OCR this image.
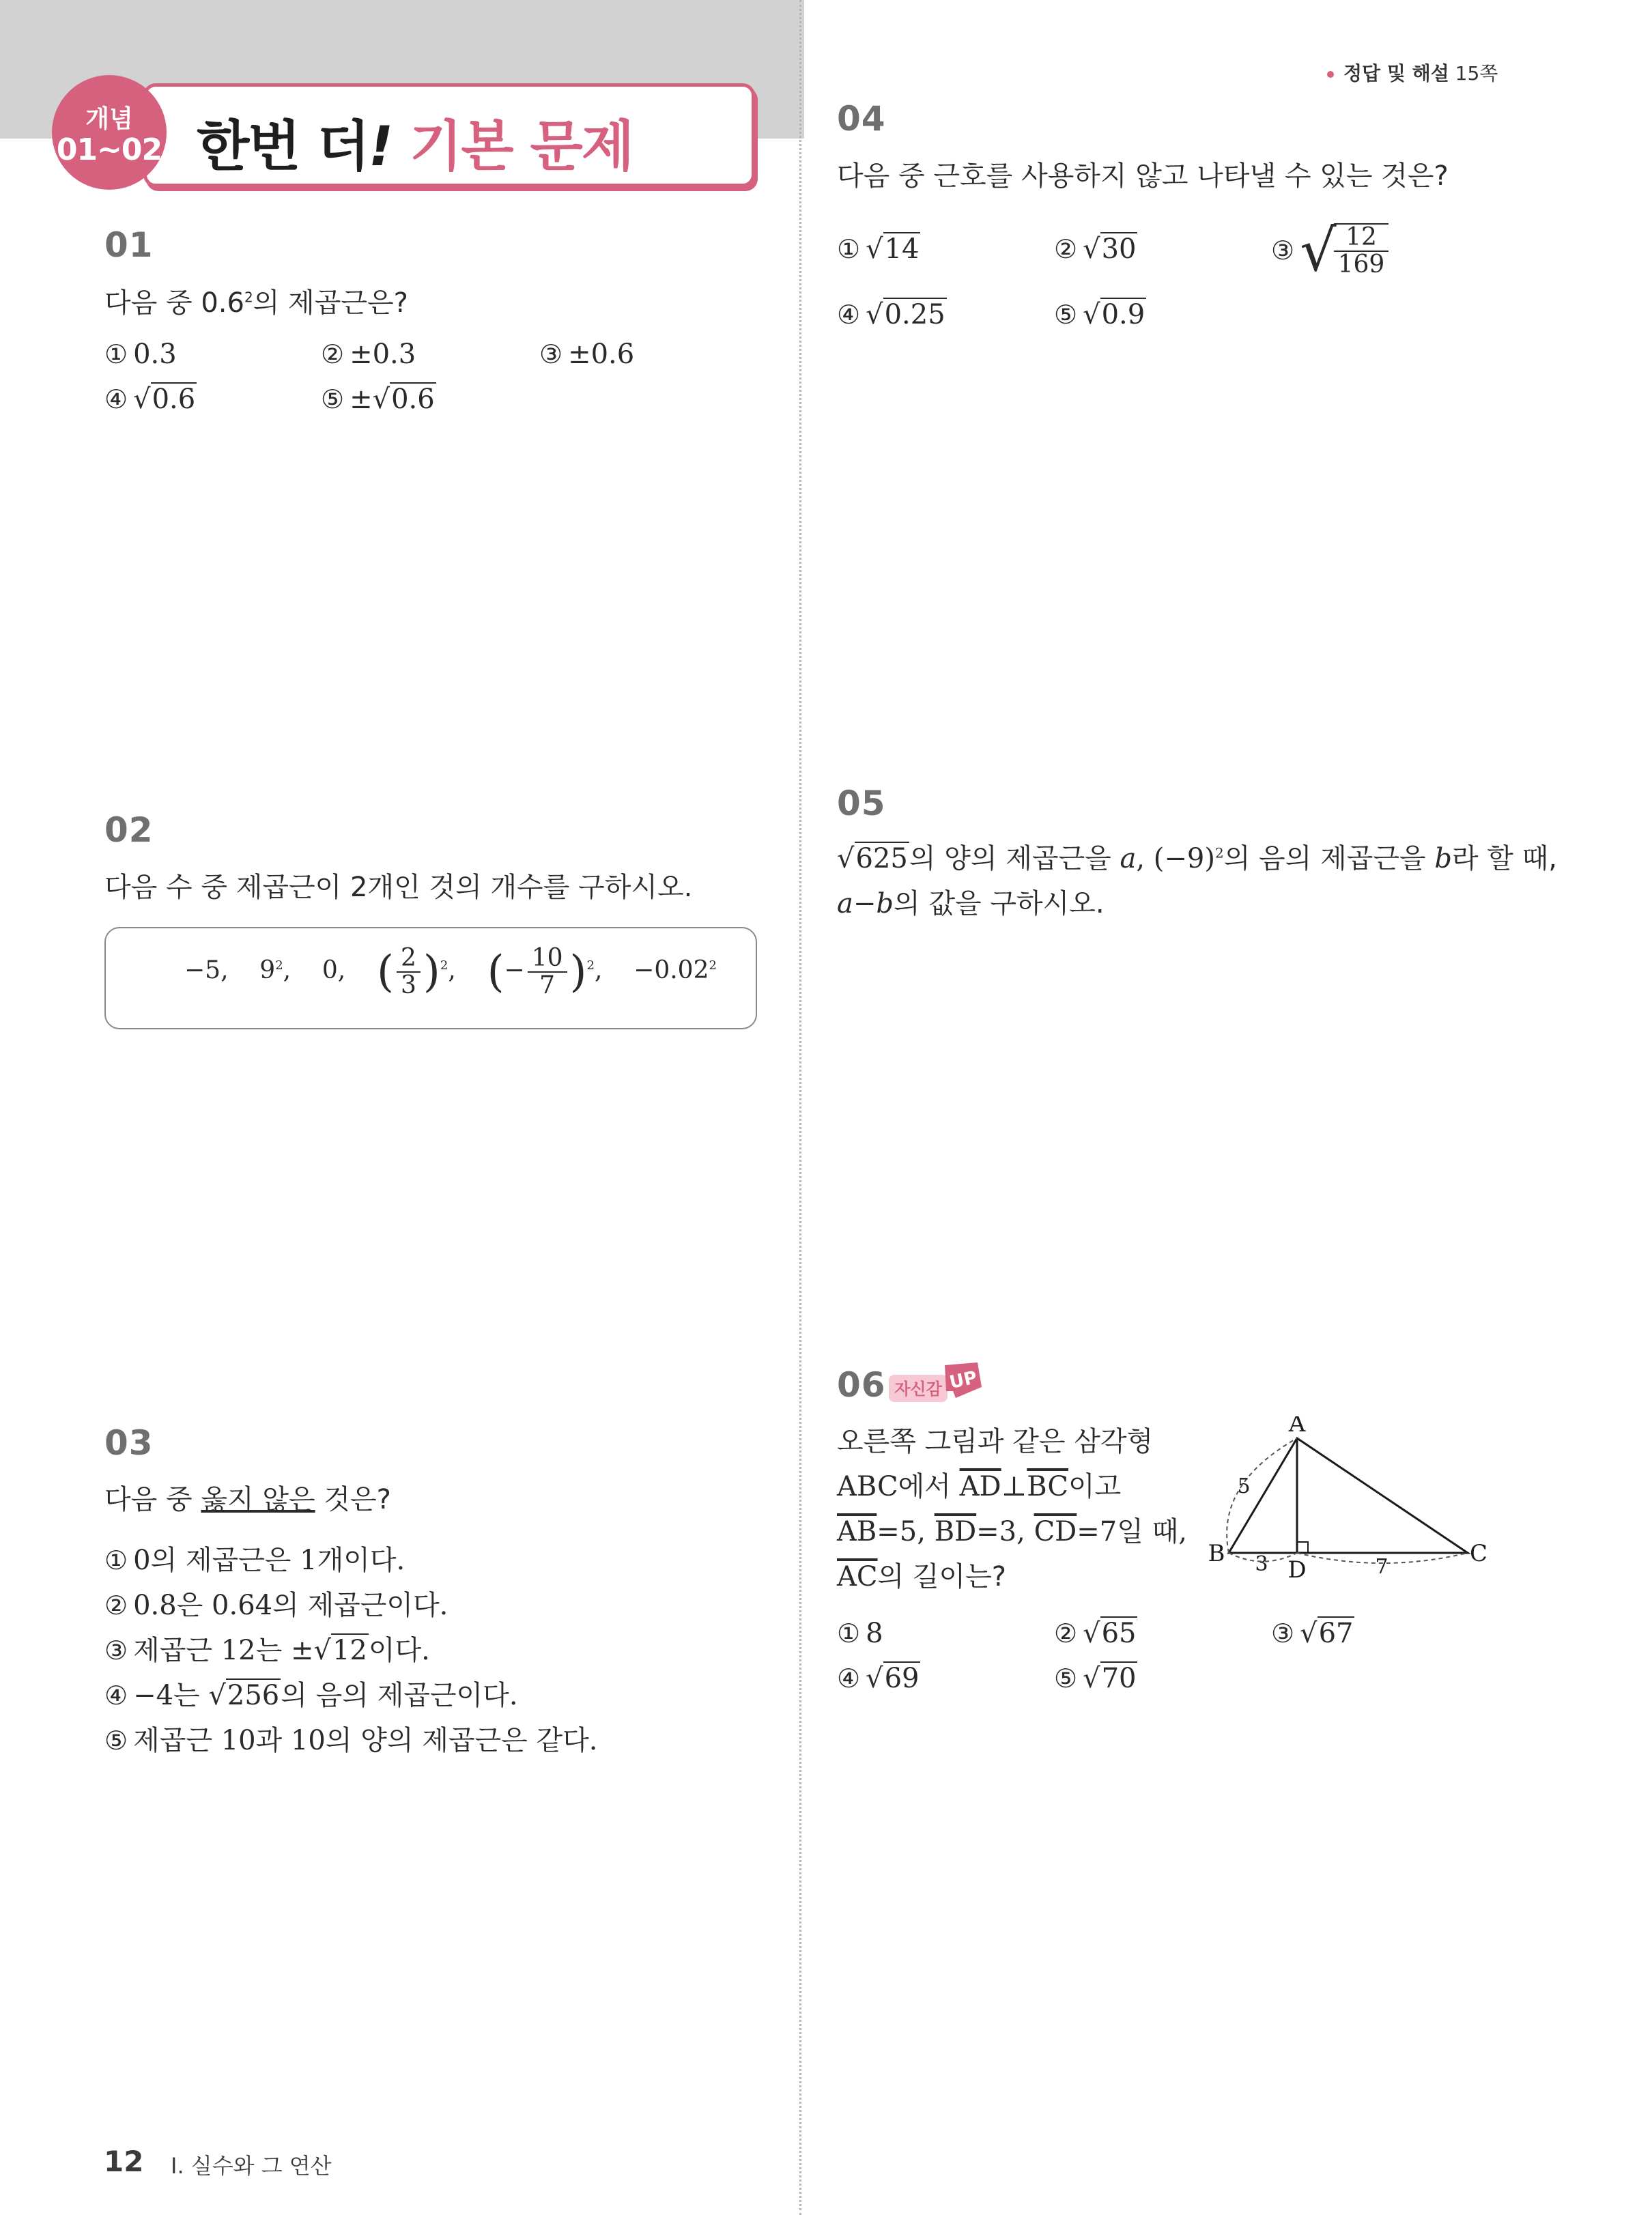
한번 더! 기본 문제
개념
01~02
정답 및 해설 15쪽
01
다음 중 $0.6^2$의 제곱근은?
① 0.3	② ±0.3	③ ±0.6
④ √0.6	⑤ ±√0.6
02
다음 수 중 제곱근이 2개인 것의 개수를 구하시오.
−5, $9^2$, 0, ( $\frac{2}{3} )^2$, (− $\frac{10}{7} )^2$, $-0.02^2$
03
다음 중 옳지 않은 것은?
① 0의 제곱근은 1개이다.
② 0.8은 0.64의 제곱근이다.
③ 제곱근 12는 ±√12이다.
④ −4는 √256의 음의 제곱근이다.
⑤ 제곱근 10과 10의 양의 제곱근은 같다.
04
다음 중 근호를 사용하지 않고 나타낼 수 있는 것은?
① √14	② √30	③√
$\frac{12}{169}$
④ √0.25	⑤ √0.9
05
√625의 양의 제곱근을 a, $(-9)^2$의 음의 제곱근을 b라 할 때,
a−b의 값을 구하시오.
06 자신감 UP
오른쪽 그림과 같은 삼각형
ABC에서 $\overline{AD}\perp\overline{BC}$이고
$\overline{AB}=5$, $\overline{BD}=3$, $\overline{CD}=7$일 때,
$\overline{AC}$의 길이는?
A
B	C
D
5
3	7
① 8	② √65	③ √67
④ √69	⑤ √70
12 I. 실수와 그 연산
